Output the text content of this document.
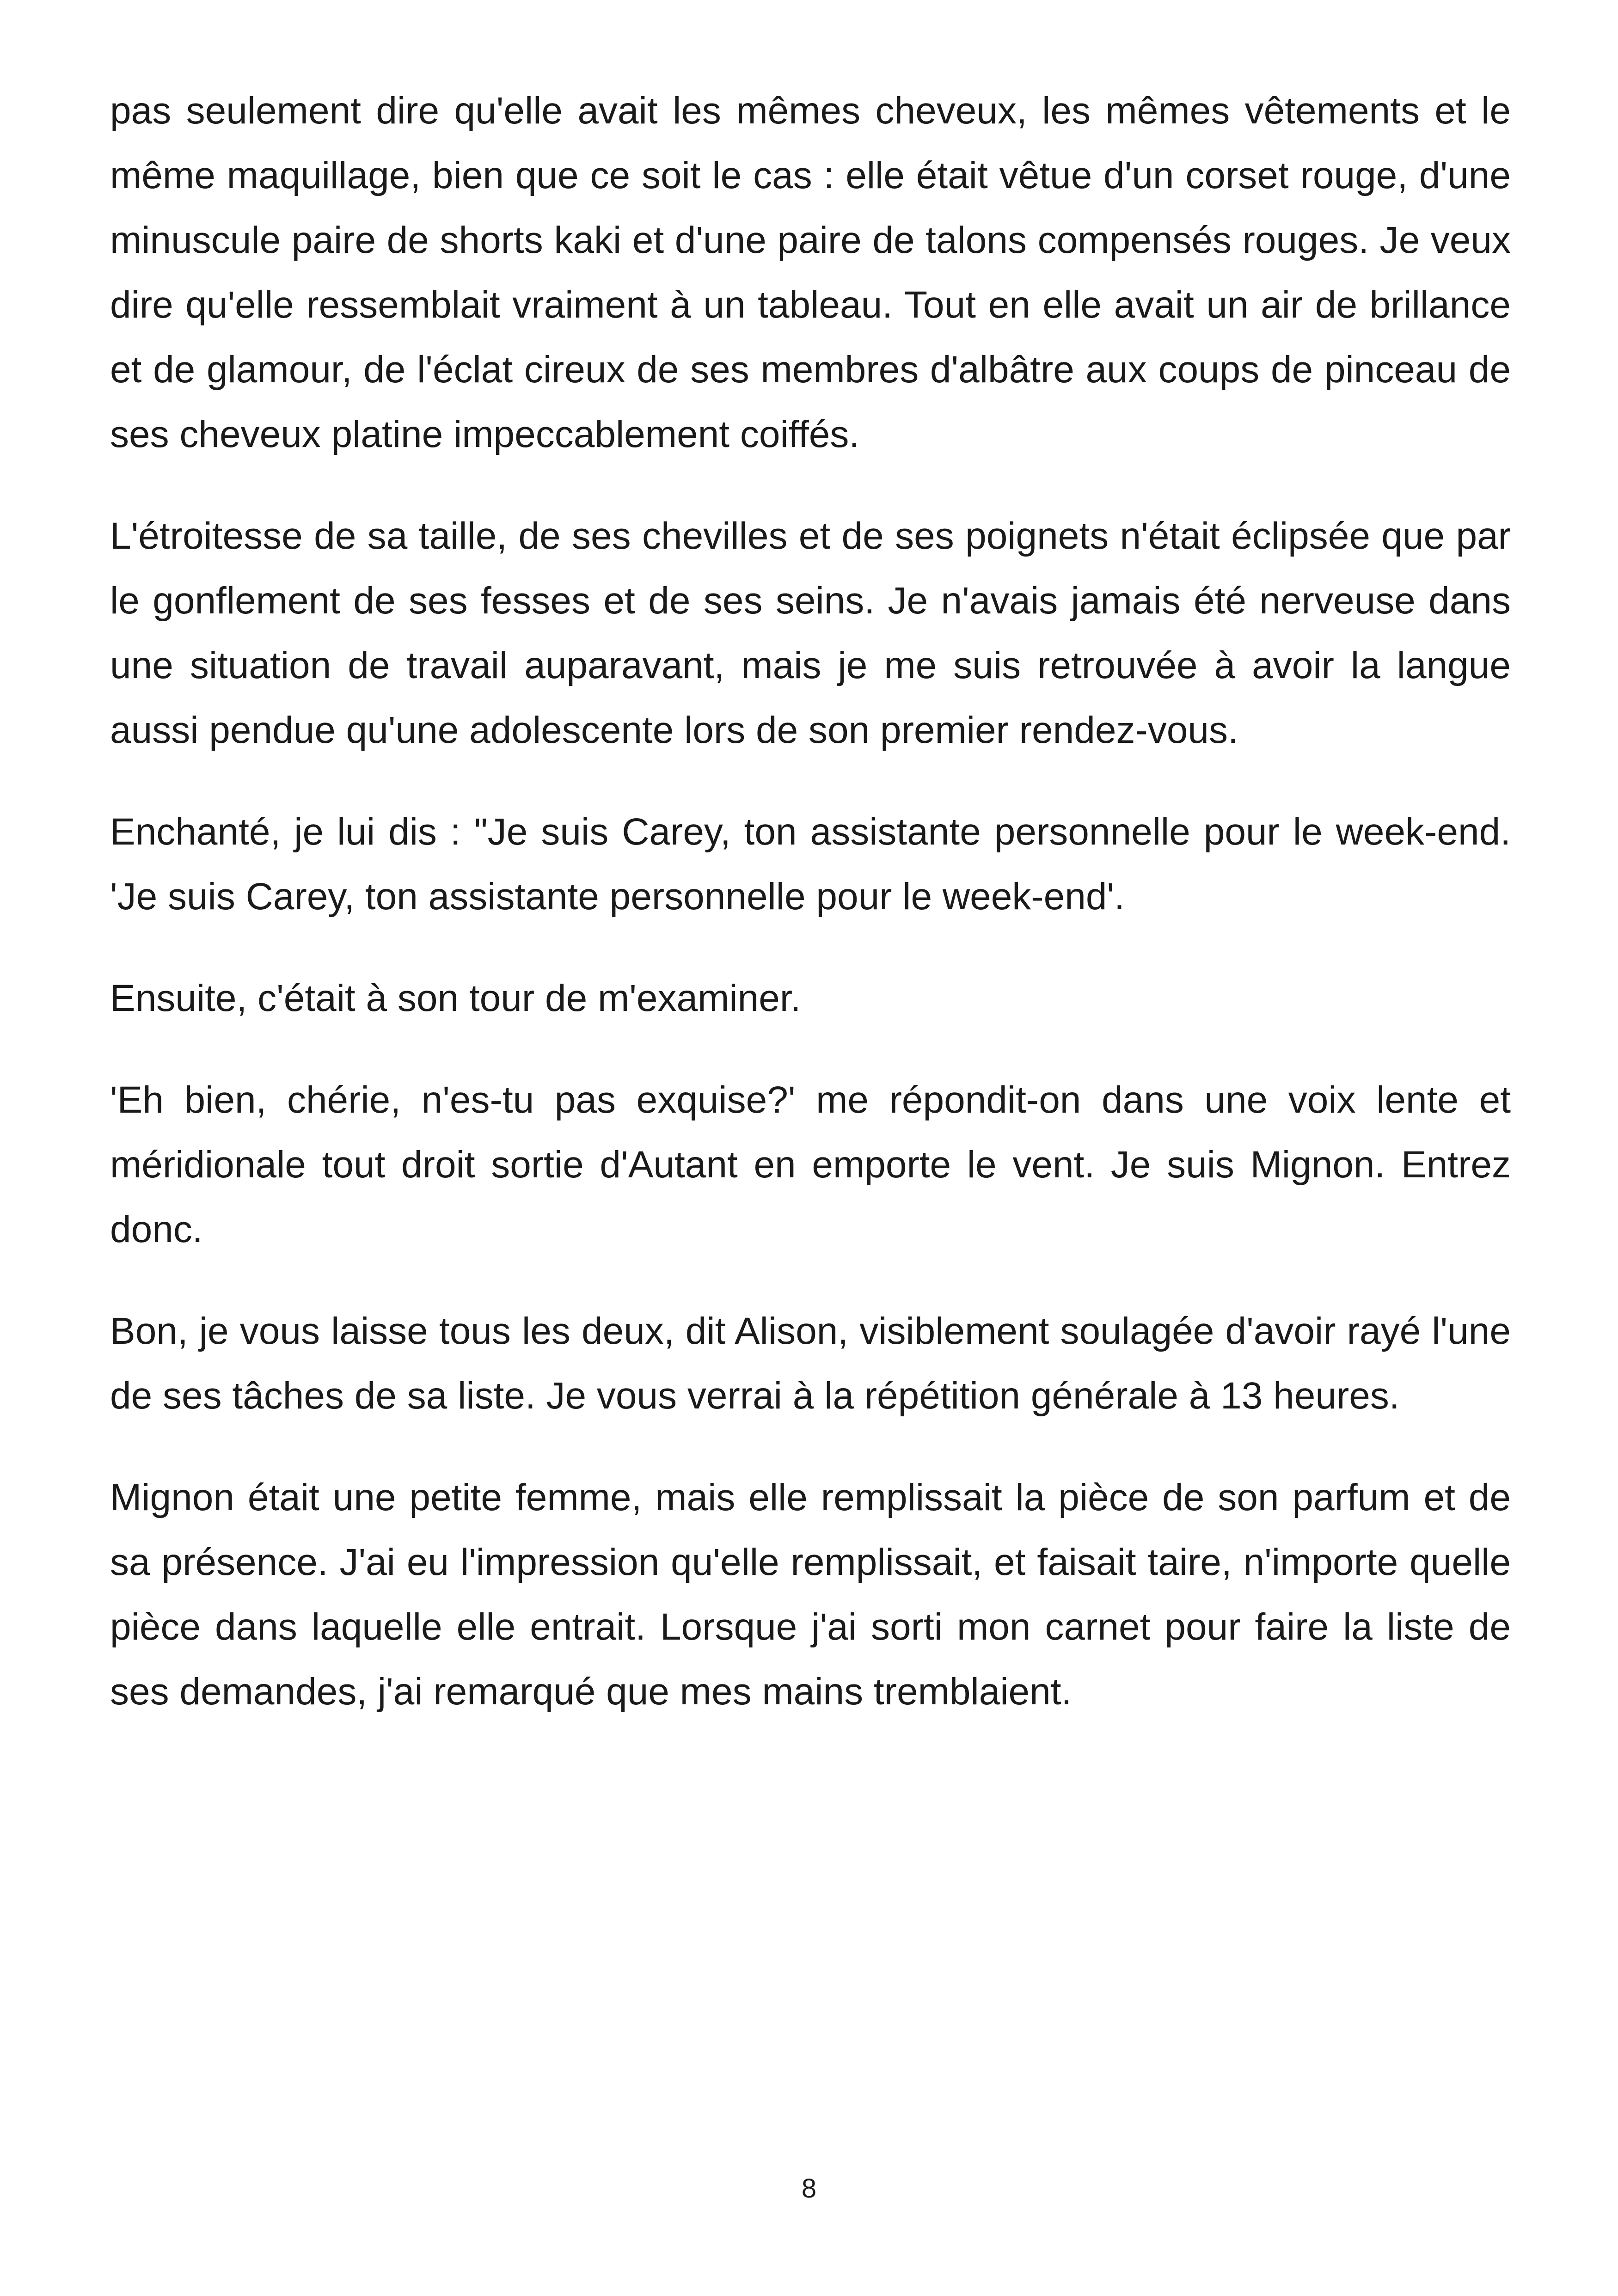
pas seulement dire qu'elle avait les mêmes cheveux, les mêmes vêtements et le même maquillage, bien que ce soit le cas : elle était vêtue d'un corset rouge, d'une minuscule paire de shorts kaki et d'une paire de talons compensés rouges. Je veux dire qu'elle ressemblait vraiment à un tableau. Tout en elle avait un air de brillance et de glamour, de l'éclat cireux de ses membres d'albâtre aux coups de pinceau de ses cheveux platine impeccablement coiffés.

L'étroitesse de sa taille, de ses chevilles et de ses poignets n'était éclipsée que par le gonflement de ses fesses et de ses seins. Je n'avais jamais été nerveuse dans une situation de travail auparavant, mais je me suis retrouvée à avoir la langue aussi pendue qu'une adolescente lors de son premier rendez-vous.

Enchanté, je lui dis : "Je suis Carey, ton assistante personnelle pour le week-end. 'Je suis Carey, ton assistante personnelle pour le week-end'.

Ensuite, c'était à son tour de m'examiner.

'Eh bien, chérie, n'es-tu pas exquise?' me répondit-on dans une voix lente et méridionale tout droit sortie d'Autant en emporte le vent. Je suis Mignon. Entrez donc.

Bon, je vous laisse tous les deux, dit Alison, visiblement soulagée d'avoir rayé l'une de ses tâches de sa liste. Je vous verrai à la répétition générale à 13 heures.

Mignon était une petite femme, mais elle remplissait la pièce de son parfum et de sa présence. J'ai eu l'impression qu'elle remplissait, et faisait taire, n'importe quelle pièce dans laquelle elle entrait. Lorsque j'ai sorti mon carnet pour faire la liste de ses demandes, j'ai remarqué que mes mains tremblaient.

8
